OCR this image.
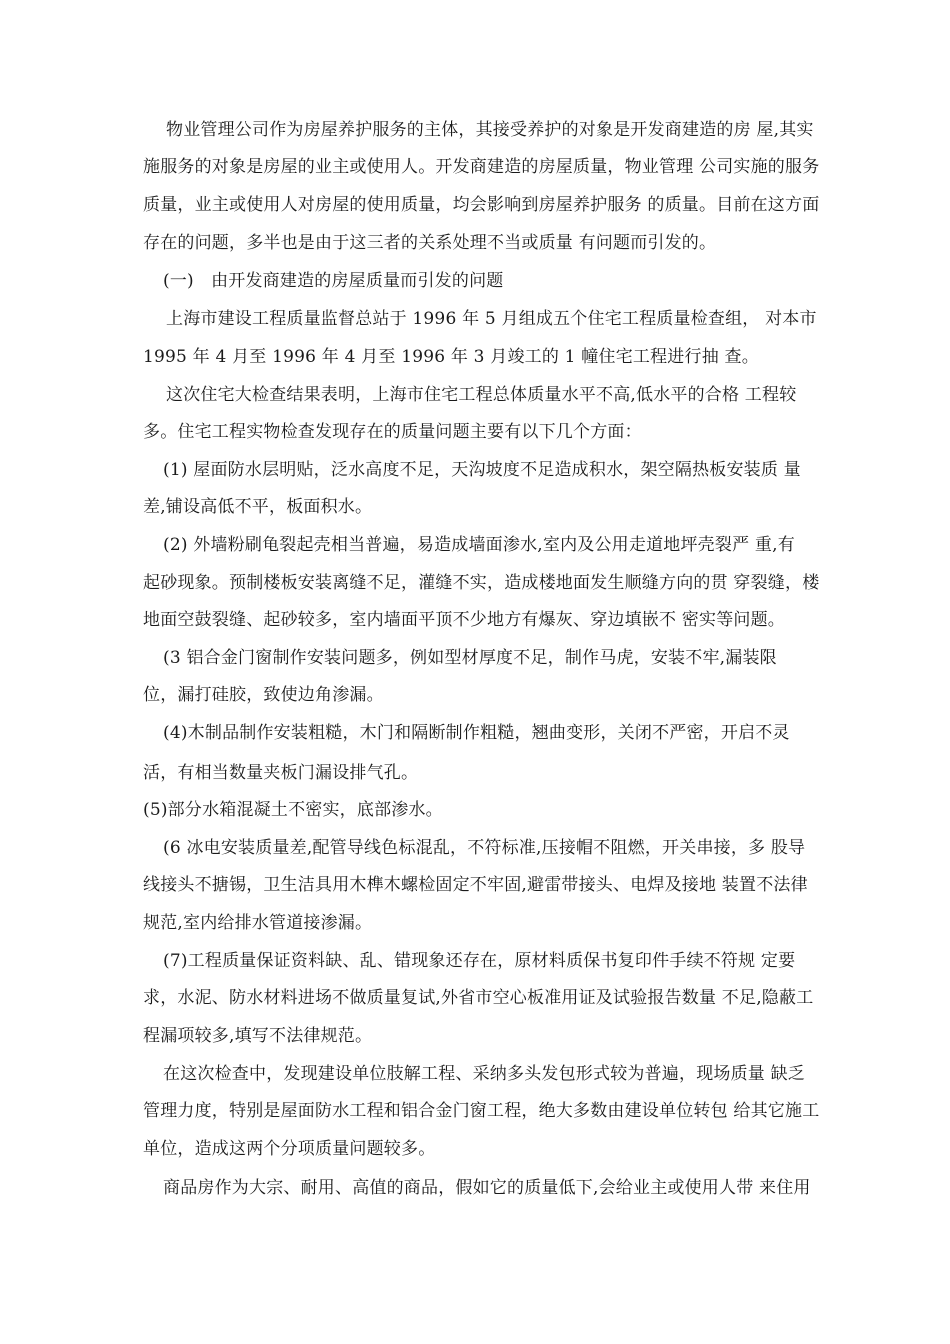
物业管理公司作为房屋养护服务的主体，其接受养护的对象是开发商建造的房 屋,其实
施服务的对象是房屋的业主或使用人。开发商建造的房屋质量，物业管理 公司实施的服务
质量，业主或使用人对房屋的使用质量，均会影响到房屋养护服务 的质量。目前在这方面
存在的问题，多半也是由于这三者的关系处理不当或质量 有问题而引发的。
(一)　由开发商建造的房屋质量而引发的问题
上海市建设工程质量监督总站于 1996 年 5 月组成五个住宅工程质量检查组， 对本市
1995 年 4 月至 1996 年 4 月至 1996 年 3 月竣工的 1 幢住宅工程进行抽 查。
这次住宅大检查结果表明，上海市住宅工程总体质量水平不高,低水平的合格 工程较
多。住宅工程实物检查发现存在的质量问题主要有以下几个方面：
(1) 屋面防水层明贴，泛水高度不足，天沟坡度不足造成积水，架空隔热板安装质 量
差,铺设高低不平，板面积水。
(2) 外墙粉刷龟裂起壳相当普遍，易造成墙面渗水,室内及公用走道地坪壳裂严 重,有
起砂现象。预制楼板安装离缝不足，灌缝不实，造成楼地面发生顺缝方向的贯 穿裂缝，楼
地面空鼓裂缝、起砂较多，室内墙面平顶不少地方有爆灰、穿边填嵌不 密实等问题。
(3 铝合金门窗制作安装问题多，例如型材厚度不足，制作马虎，安装不牢,漏装限
位，漏打硅胶，致使边角渗漏。
(4)木制品制作安装粗糙，木门和隔断制作粗糙，翘曲变形，关闭不严密，开启不灵
活，有相当数量夹板门漏设排气孔。
(5)部分水箱混凝土不密实，底部渗水。
(6 冰电安装质量差,配管导线色标混乱，不符标准,压接帽不阻燃，开关串接，多 股导
线接头不搪锡，卫生洁具用木榫木螺检固定不牢固,避雷带接头、电焊及接地 装置不法律
规范,室内给排水管道接渗漏。
(7)工程质量保证资料缺、乱、错现象还存在，原材料质保书复印件手续不符规 定要
求，水泥、防水材料进场不做质量复试,外省市空心板准用证及试验报告数量 不足,隐蔽工
程漏项较多,填写不法律规范。
在这次检查中，发现建设单位肢解工程、采纳多头发包形式较为普遍，现场质量 缺乏
管理力度，特别是屋面防水工程和铝合金门窗工程，绝大多数由建设单位转包 给其它施工
单位，造成这两个分项质量问题较多。
商品房作为大宗、耐用、高值的商品，假如它的质量低下,会给业主或使用人带 来住用
